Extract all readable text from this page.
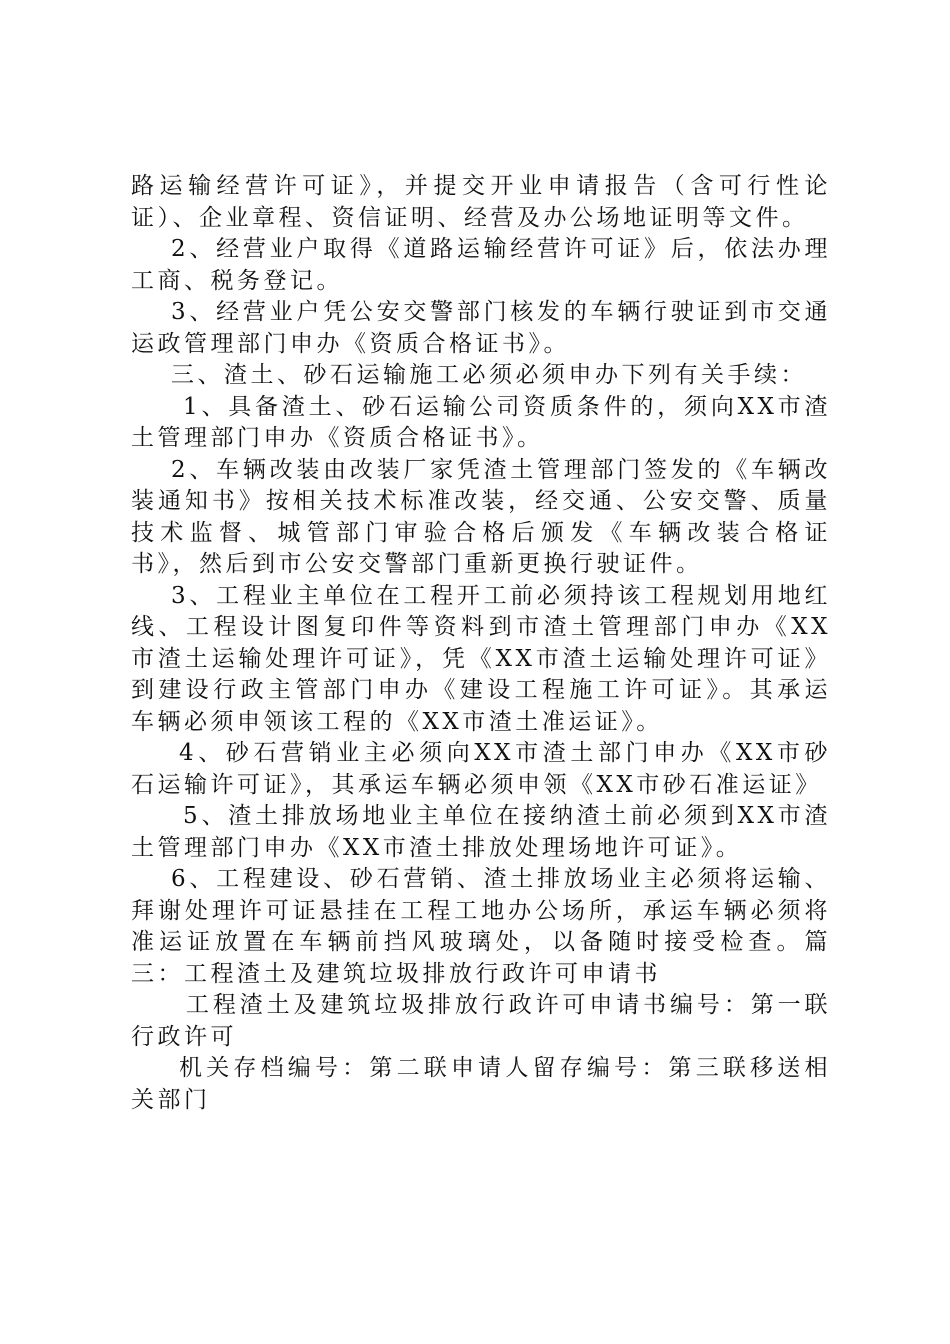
路运输经营许可证》，并提交开业申请报告（含可行性论证）、企业章程、资信证明、经营及办公场地证明等文件。

2、经营业户取得《道路运输经营许可证》后，依法办理工商、税务登记。

3、经营业户凭公安交警部门核发的车辆行驶证到市交通运政管理部门申办《资质合格证书》。

三、渣土、砂石运输施工必须必须申办下列有关手续：

1、具备渣土、砂石运输公司资质条件的，须向XX市渣土管理部门申办《资质合格证书》。

2、车辆改装由改装厂家凭渣土管理部门签发的《车辆改装通知书》按相关技术标准改装，经交通、公安交警、质量技术监督、城管部门审验合格后颁发《车辆改装合格证书》，然后到市公安交警部门重新更换行驶证件。

3、工程业主单位在工程开工前必须持该工程规划用地红线、工程设计图复印件等资料到市渣土管理部门申办《XX市渣土运输处理许可证》，凭《XX市渣土运输处理许可证》到建设行政主管部门申办《建设工程施工许可证》。其承运车辆必须申领该工程的《XX市渣土准运证》。

4、砂石营销业主必须向XX市渣土部门申办《XX市砂石运输许可证》，其承运车辆必须申领《XX市砂石准运证》

5、渣土排放场地业主单位在接纳渣土前必须到XX市渣土管理部门申办《XX市渣土排放处理场地许可证》。

6、工程建设、砂石营销、渣土排放场业主必须将运输、拜谢处理许可证悬挂在工程工地办公场所，承运车辆必须将准运证放置在车辆前挡风玻璃处，以备随时接受检查。篇三：工程渣土及建筑垃圾排放行政许可申请书

工程渣土及建筑垃圾排放行政许可申请书编号：第一联行政许可

机关存档编号：第二联申请人留存编号：第三联移送相关部门
